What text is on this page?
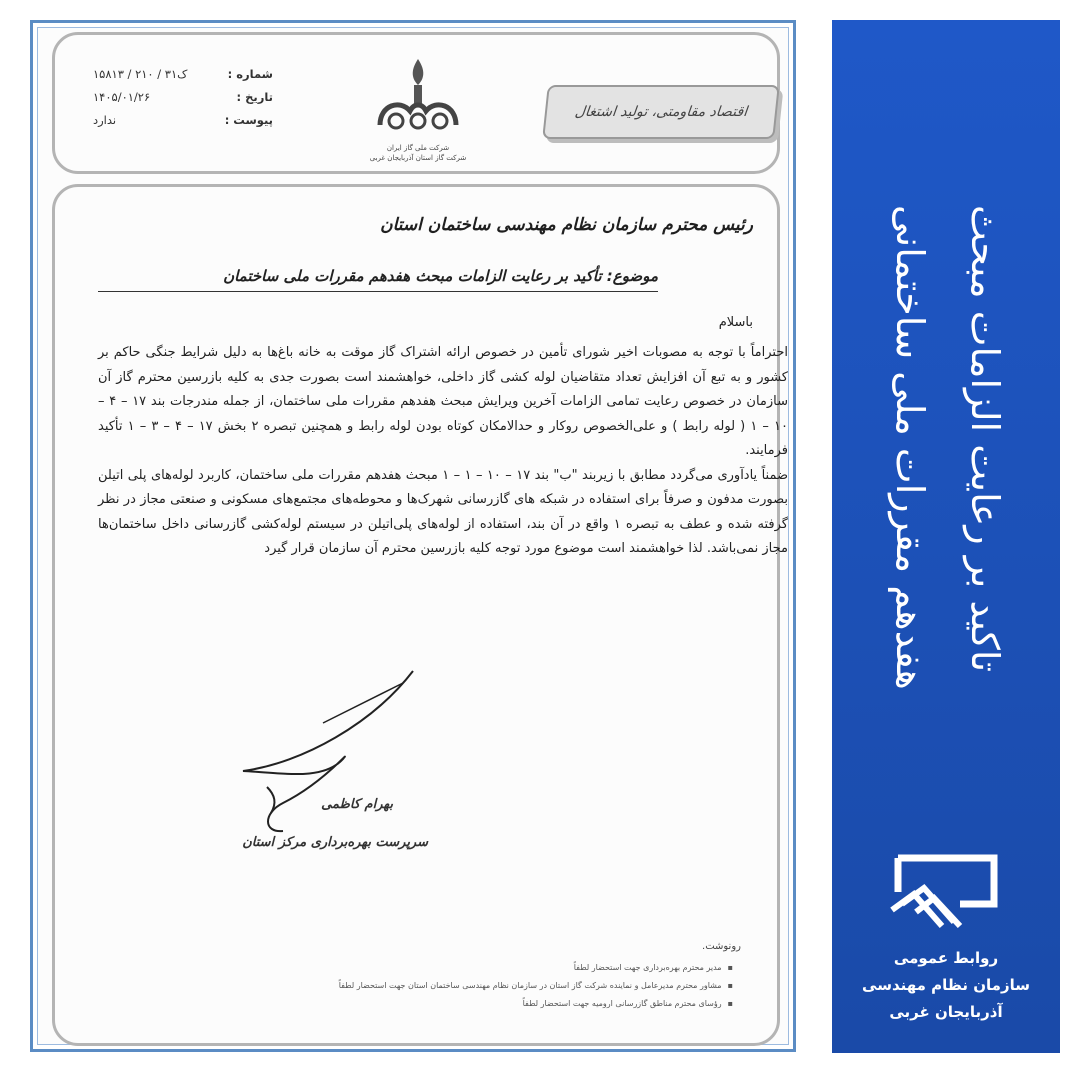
شماره :
ک۳۱ / ۲۱۰ / ۱۵۸۱۳
تاریخ :
۱۴۰۵/۰۱/۲۶
پیوست :
ندارد
شرکت ملی گاز ایران
شرکت گاز استان آذربایجان غربی
اقتصاد مقاومتی، تولید اشتغال
رئیس محترم سازمان نظام مهندسی ساختمان استان
موضوع: تأکید بر رعایت الزامات مبحث هفدهم مقررات ملی ساختمان
باسلام

احتراماً با توجه به مصوبات اخیر شورای تأمین در خصوص ارائه اشتراک گاز موقت به خانه باغ‌ها به دلیل شرایط جنگی حاکم بر کشور و به تبع آن افزایش تعداد متقاضیان لوله کشی گاز داخلی، خواهشمند است بصورت جدی به کلیه بازرسین محترم گاز آن سازمان در خصوص رعایت تمامی الزامات آخرین ویرایش مبحث هفدهم مقررات ملی ساختمان، از جمله مندرجات بند ۱۷ – ۴ – ۱۰ – ۱ ( لوله رابط ) و علی‌الخصوص روکار و حدالامکان کوتاه بودن لوله رابط و همچنین تبصره ۲ بخش ۱۷ – ۴ – ۳ – ۱ تأکید فرمایند.

ضمناً یادآوری می‌گردد مطابق با زیربند "ب" بند ۱۷ – ۱۰ – ۱ – ۱ مبحث هفدهم مقررات ملی ساختمان، کاربرد لوله‌های پلی اتیلن بصورت مدفون و صرفاً برای استفاده در شبکه های گازرسانی شهرک‌ها و محوطه‌های مجتمع‌های مسکونی و صنعتی مجاز در نظر گرفته شده و عطف به تبصره ۱ واقع در آن بند، استفاده از لوله‌های پلی‌اتیلن در سیستم لوله‌کشی گازرسانی داخل ساختمان‌ها مجاز نمی‌باشد. لذا خواهشمند است موضوع مورد توجه کلیه بازرسین محترم آن سازمان قرار گیرد

بهرام کاظمی
سرپرست بهره‌برداری مرکز استان
رونوشت.
▪مدیر محترم بهره‌برداری جهت استحضار لطفاً
▪مشاور محترم مدیرعامل و نماینده شرکت گاز استان در سازمان نظام مهندسی ساختمان استان جهت استحضار لطفاً
▪رؤسای محترم مناطق گازرسانی ارومیه جهت استحضار لطفاً
تاکید بر رعایت الزامات مبحث
هفدهم مقررات ملی ساختمانی
روابط عمومی
سازمان نظام مهندسی
آذربایجان غربی
